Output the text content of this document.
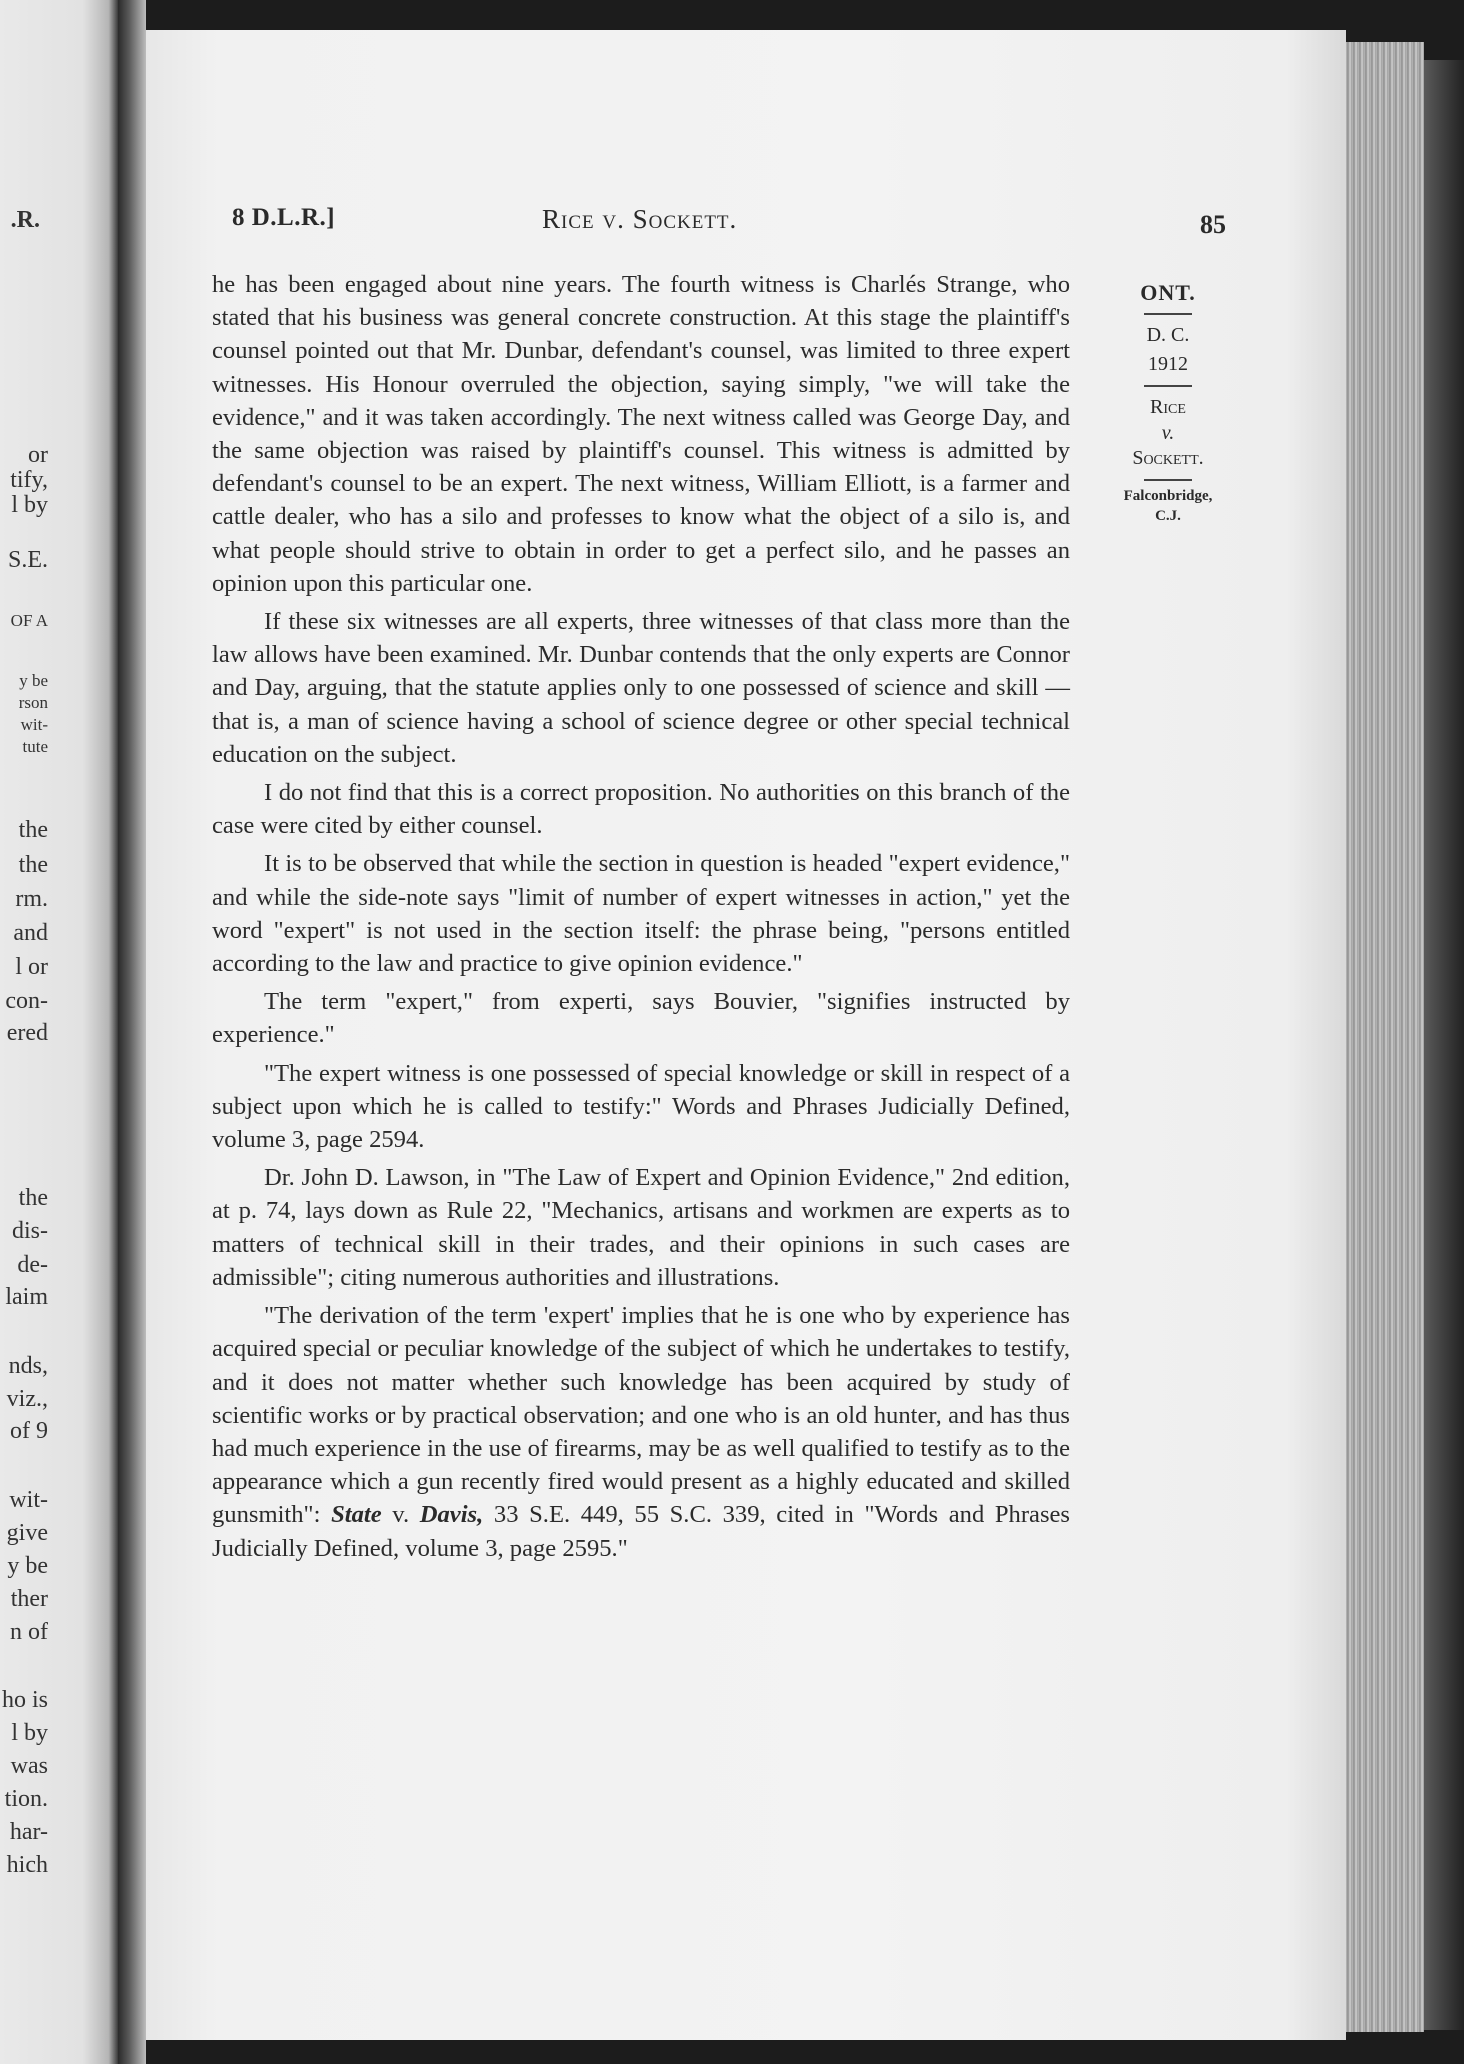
.R.
or
tify,
l by
S.E.
OF A
y be
rson
wit-
tute
the
the
rm.
and
l or
con-
ered
the
dis-
de-
laim
nds,
viz.,
of 9
wit-
give
y be
ther
n of
ho is
l by
was
tion.
har-
hich
8 D.L.R.]	Rice v. Sockett.	85
ONT.
D. C.
1912
Rice
v.
Sockett.
Falconbridge,
C.J.

he has been engaged about nine years. The fourth witness is Charlés Strange, who stated that his business was general concrete construction. At this stage the plaintiff's counsel pointed out that Mr. Dunbar, defendant's counsel, was limited to three expert witnesses. His Honour overruled the objection, saying simply, "we will take the evidence," and it was taken accordingly. The next witness called was George Day, and the same objection was raised by plaintiff's counsel. This witness is admitted by defendant's counsel to be an expert. The next witness, William Elliott, is a farmer and cattle dealer, who has a silo and professes to know what the object of a silo is, and what people should strive to obtain in order to get a perfect silo, and he passes an opinion upon this particular one.

If these six witnesses are all experts, three witnesses of that class more than the law allows have been examined. Mr. Dunbar contends that the only experts are Connor and Day, arguing, that the statute applies only to one possessed of science and skill —that is, a man of science having a school of science degree or other special technical education on the subject.

I do not find that this is a correct proposition. No authorities on this branch of the case were cited by either counsel.

It is to be observed that while the section in question is headed "expert evidence," and while the side-note says "limit of number of expert witnesses in action," yet the word "expert" is not used in the section itself: the phrase being, "persons entitled according to the law and practice to give opinion evidence."

The term "expert," from experti, says Bouvier, "signifies instructed by experience."

"The expert witness is one possessed of special knowledge or skill in respect of a subject upon which he is called to testify:" Words and Phrases Judicially Defined, volume 3, page 2594.

Dr. John D. Lawson, in "The Law of Expert and Opinion Evidence," 2nd edition, at p. 74, lays down as Rule 22, "Mechanics, artisans and workmen are experts as to matters of technical skill in their trades, and their opinions in such cases are admissible"; citing numerous authorities and illustrations.

"The derivation of the term 'expert' implies that he is one who by experience has acquired special or peculiar knowledge of the subject of which he undertakes to testify, and it does not matter whether such knowledge has been acquired by study of scientific works or by practical observation; and one who is an old hunter, and has thus had much experience in the use of firearms, may be as well qualified to testify as to the appearance which a gun recently fired would present as a highly educated and skilled gunsmith": State v. Davis, 33 S.E. 449, 55 S.C. 339, cited in "Words and Phrases Judicially Defined, volume 3, page 2595."
